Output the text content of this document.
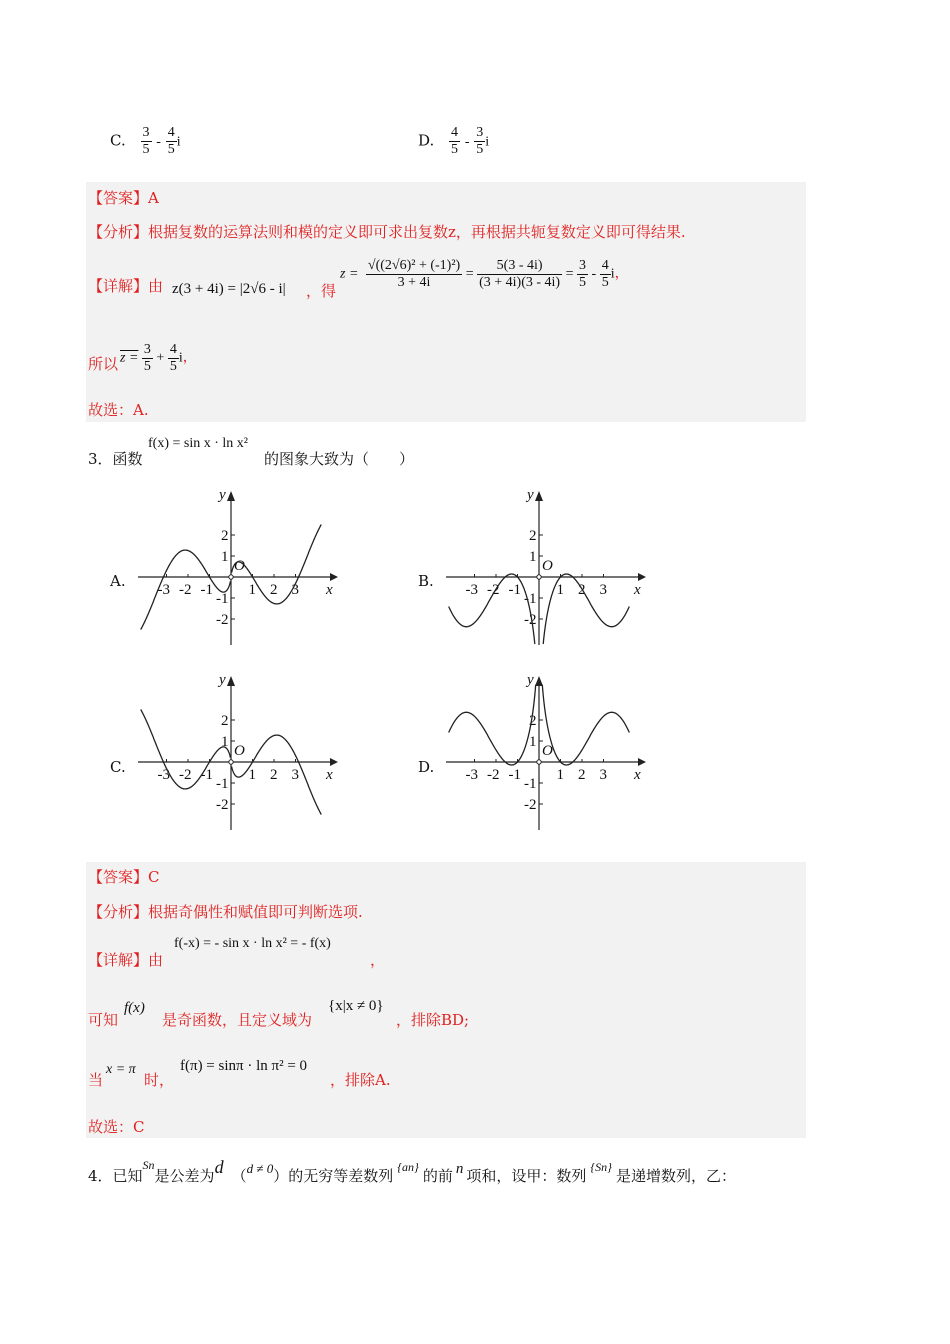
C. $\frac{3}{5} - \frac{4}{5}$ i	D. $\frac{4}{5} - \frac{3}{5}$ i
【答案】A
【分析】根据复数的运算法则和模的定义即可求出复数z，再根据共轭复数定义即可得结果.
【详解】由 z(3 + 4i) = |2√6 - i| ，得
$z = \frac{\text{√((2√6)² + (-1)²)}}{3 + 4i} = \frac{5(3 - 4i)}{(3 + 4i)(3 - 4i)} = \frac{3}{5} - \frac{4}{5}$ i，
所以 $z = \frac{3}{5} + \frac{4}{5}$ i，
故选：A.
3．函数
f(x) = sin x · ln x²
的图象大致为（　　）
A.	B.
C.	D.
y
x
O
-3 -2 -1 1 2 3
2
1
-1
-2
y
x
O
-3 -2 -1 1 2 3
2
1
-1
-2
y
x
O
-3 -2 -1 1 2 3
2
1
-1
-2
y
x
O
-3 -2 -1 1 2 3
2
1
-1
-2
【答案】C
【分析】根据奇偶性和赋值即可判断选项.
【详解】由
f(-x) = - sin x · ln x² = - f(x)
，
可知
f(x)
是奇函数，且定义域为
{x|x ≠ 0}
，排除BD;
当
x = π
时，
f(π) = sinπ · ln π² = 0
，排除A.
故选：C
4．已知$^{Sn}$是公差为d （d ≠ 0）的无穷等差数列 $^{\{an\}}$ 的前 n 项和，设甲：数列 $^{\{Sn\}}$ 是递增数列，乙：
